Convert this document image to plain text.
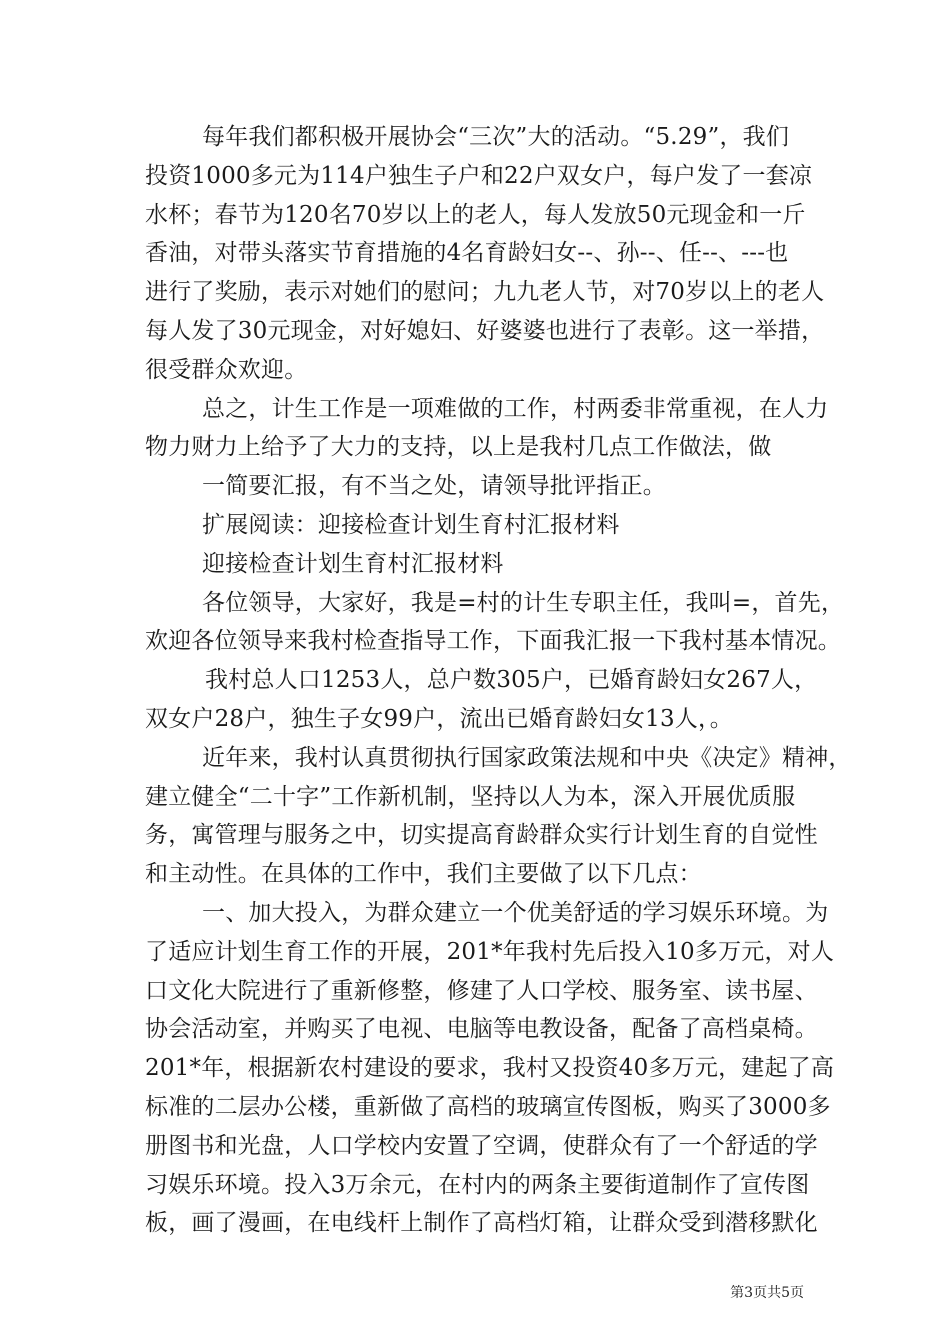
每年我们都积极开展协会“三次”大的活动。“5.29”，我们
投资1000多元为114户独生子户和22户双女户，每户发了一套凉
水杯；春节为120名70岁以上的老人，每人发放50元现金和一斤
香油，对带头落实节育措施的4名育龄妇女--、孙--、任--、---也
进行了奖励，表示对她们的慰问；九九老人节，对70岁以上的老人
每人发了30元现金，对好媳妇、好婆婆也进行了表彰。这一举措，
很受群众欢迎。
总之，计生工作是一项难做的工作，村两委非常重视，在人力
物力财力上给予了大力的支持，以上是我村几点工作做法，做
一简要汇报，有不当之处，请领导批评指正。
扩展阅读：迎接检查计划生育村汇报材料
迎接检查计划生育村汇报材料
各位领导，大家好，我是=村的计生专职主任，我叫=，首先，
欢迎各位领导来我村检查指导工作，下面我汇报一下我村基本情况。
我村总人口1253人，总户数305户，已婚育龄妇女267人，
双女户28户，独生子女99户，流出已婚育龄妇女13人，。
近年来，我村认真贯彻执行国家政策法规和中央《决定》精神，
建立健全“二十字”工作新机制，坚持以人为本，深入开展优质服
务，寓管理与服务之中，切实提高育龄群众实行计划生育的自觉性
和主动性。在具体的工作中，我们主要做了以下几点：
一、加大投入，为群众建立一个优美舒适的学习娱乐环境。为
了适应计划生育工作的开展，201*年我村先后投入10多万元，对人
口文化大院进行了重新修整，修建了人口学校、服务室、读书屋、
协会活动室，并购买了电视、电脑等电教设备，配备了高档桌椅。
201*年，根据新农村建设的要求，我村又投资40多万元，建起了高
标准的二层办公楼，重新做了高档的玻璃宣传图板，购买了3000多
册图书和光盘，人口学校内安置了空调，使群众有了一个舒适的学
习娱乐环境。投入3万余元，在村内的两条主要街道制作了宣传图
板，画了漫画，在电线杆上制作了高档灯箱，让群众受到潜移默化
第3页共5页
